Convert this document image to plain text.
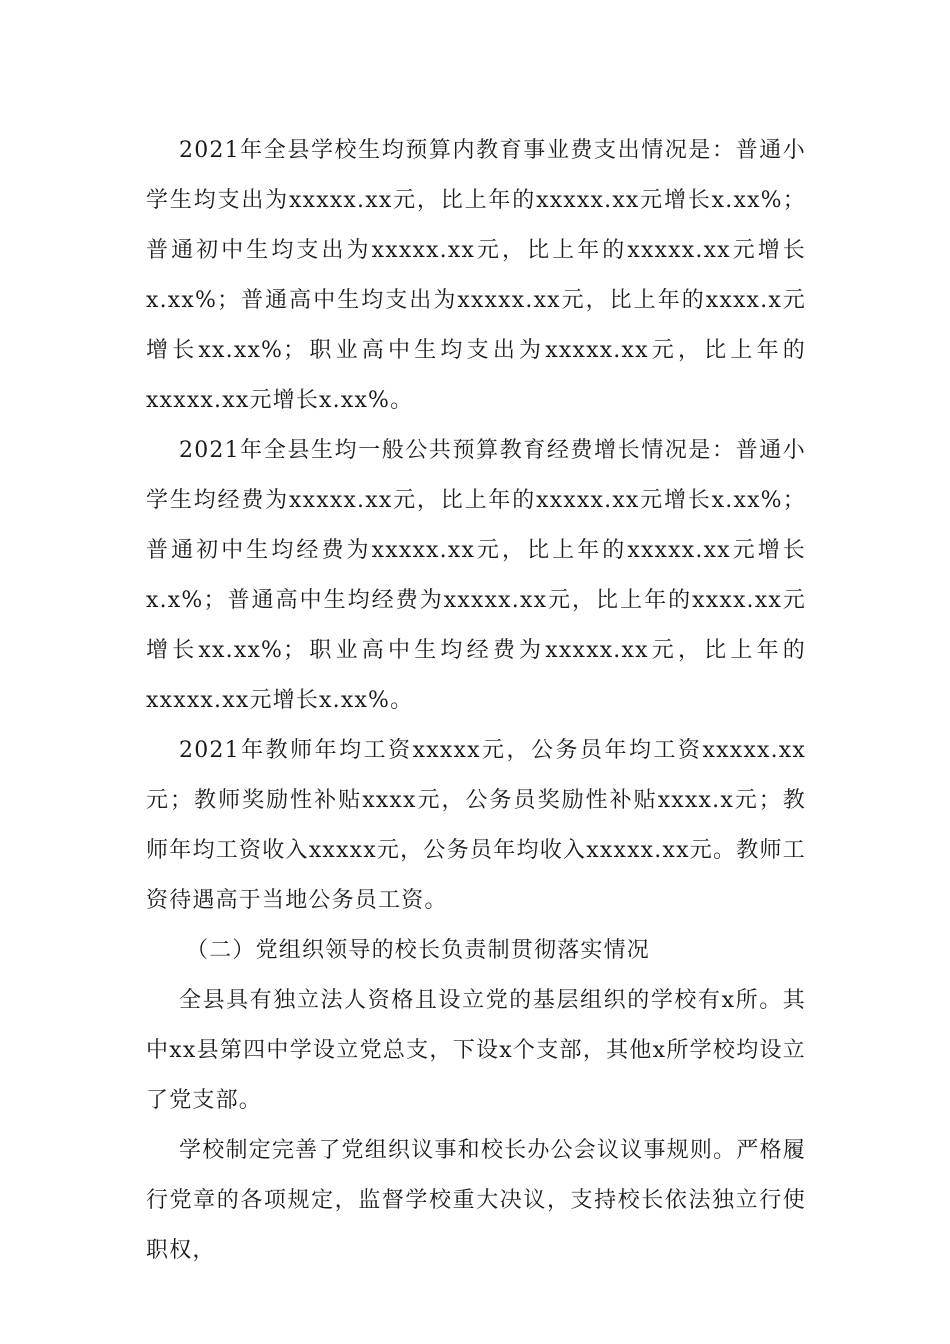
2021年全县学校生均预算内教育事业费支出情况是：普通小学生均支出为xxxxx.xx元，比上年的xxxxx.xx元增长x.xx%；普通初中生均支出为xxxxx.xx元，比上年的xxxxx.xx元增长x.xx%；普通高中生均支出为xxxxx.xx元，比上年的xxxx.x元增长xx.xx%；职业高中生均支出为xxxxx.xx元，比上年的xxxxx.xx元增长x.xx%。

2021年全县生均一般公共预算教育经费增长情况是：普通小学生均经费为xxxxx.xx元，比上年的xxxxx.xx元增长x.xx%；普通初中生均经费为xxxxx.xx元，比上年的xxxxx.xx元增长x.x%；普通高中生均经费为xxxxx.xx元，比上年的xxxx.xx元增长xx.xx%；职业高中生均经费为xxxxx.xx元，比上年的xxxxx.xx元增长x.xx%。

2021年教师年均工资xxxxx元，公务员年均工资xxxxx.xx元；教师奖励性补贴xxxx元，公务员奖励性补贴xxxx.x元；教师年均工资收入xxxxx元，公务员年均收入xxxxx.xx元。教师工资待遇高于当地公务员工资。

（二）党组织领导的校长负责制贯彻落实情况

全县具有独立法人资格且设立党的基层组织的学校有x所。其中xx县第四中学设立党总支，下设x个支部，其他x所学校均设立了党支部。

学校制定完善了党组织议事和校长办公会议议事规则。严格履行党章的各项规定，监督学校重大决议，支持校长依法独立行使职权，
